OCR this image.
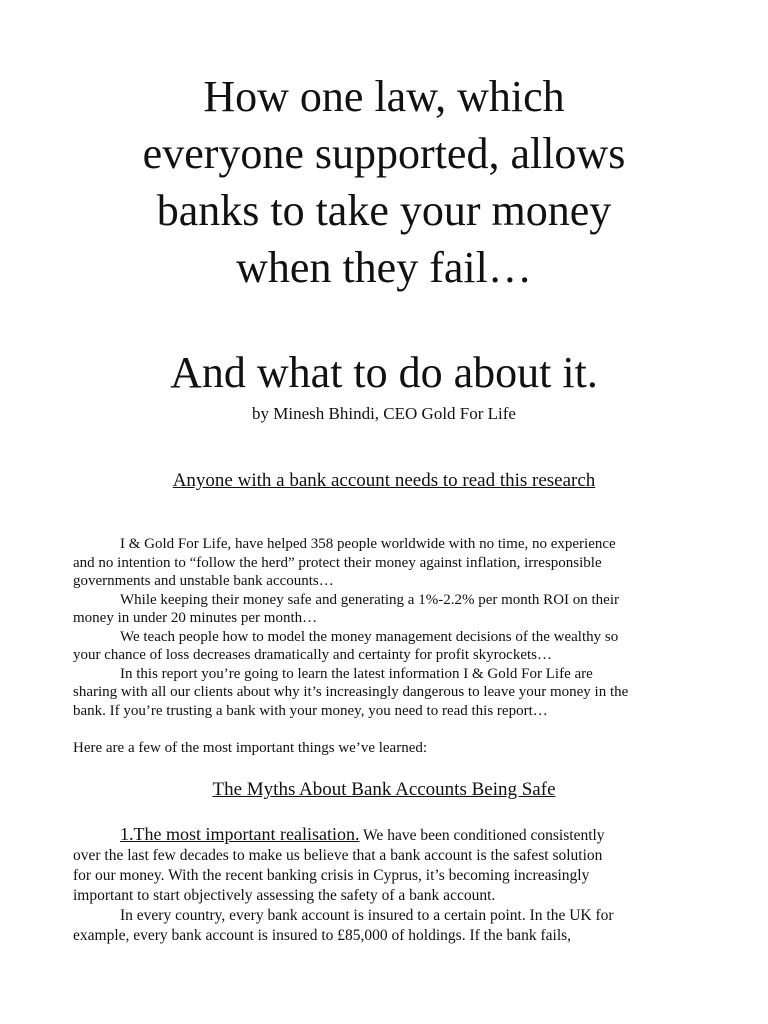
How one law, which
everyone supported, allows
banks to take your money
when they fail…
And what to do about it.
by Minesh Bhindi, CEO Gold For Life
Anyone with a bank account needs to read this research
I & Gold For Life, have helped 358 people worldwide with no time, no experience
and no intention to “follow the herd” protect their money against inflation, irresponsible
governments and unstable bank accounts…
While keeping their money safe and generating a 1%-2.2% per month ROI on their
money in under 20 minutes per month…
We teach people how to model the money management decisions of the wealthy so
your chance of loss decreases dramatically and certainty for profit skyrockets…
In this report you’re going to learn the latest information I & Gold For Life are
sharing with all our clients about why it’s increasingly dangerous to leave your money in the
bank. If you’re trusting a bank with your money, you need to read this report…
Here are a few of the most important things we’ve learned:
The Myths About Bank Accounts Being Safe
1.The most important realisation. We have been conditioned consistently
over the last few decades to make us believe that a bank account is the safest solution
for our money. With the recent banking crisis in Cyprus, it’s becoming increasingly
important to start objectively assessing the safety of a bank account.
In every country, every bank account is insured to a certain point. In the UK for
example, every bank account is insured to £85,000 of holdings. If the bank fails,
